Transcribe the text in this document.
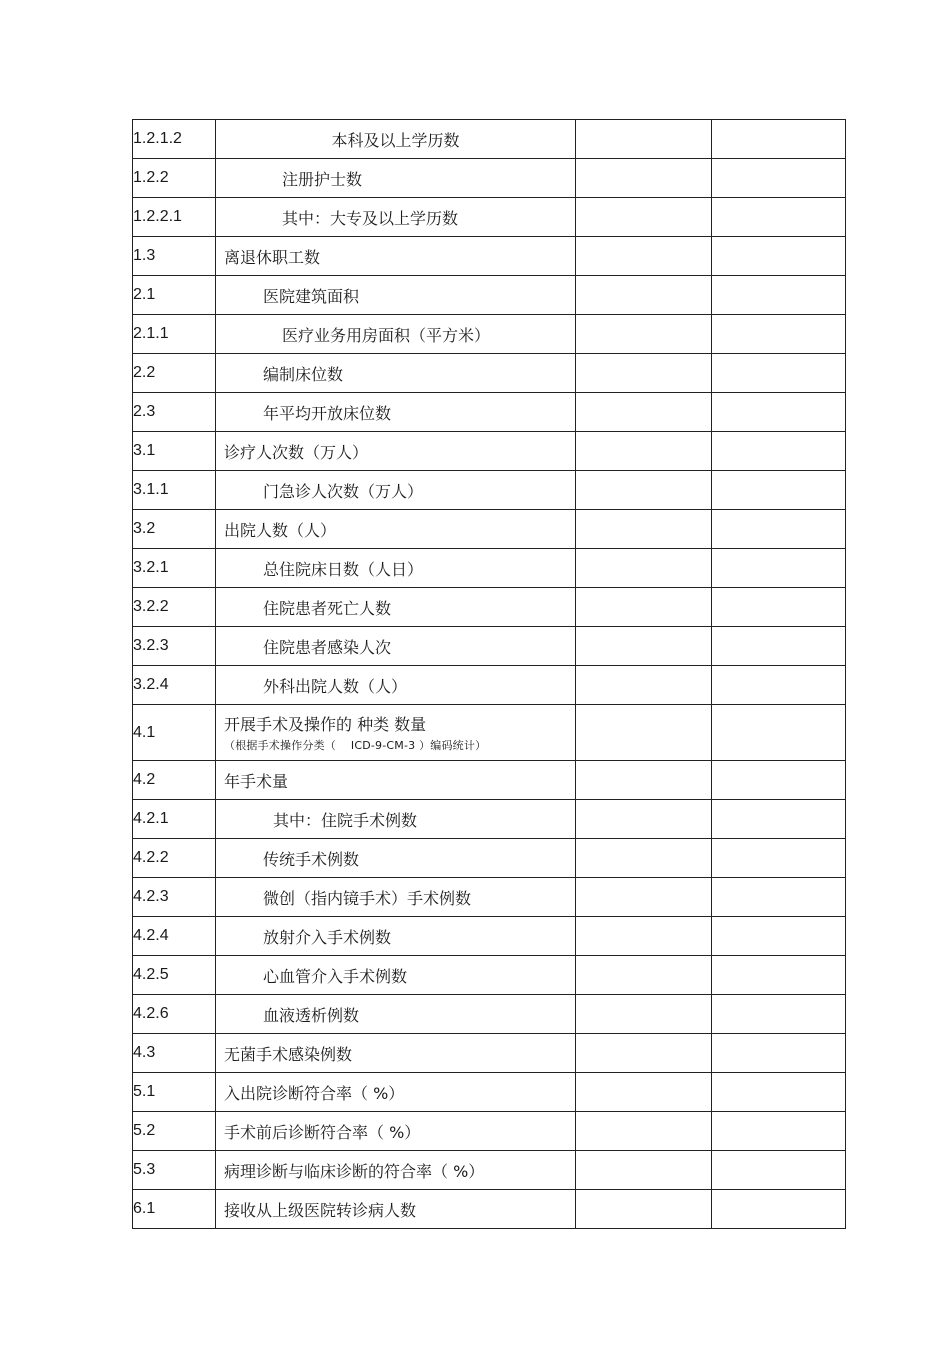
1.2.1.2	本科及以上学历数		
1.2.2	注册护士数		
1.2.2.1	其中：大专及以上学历数		
1.3	离退休职工数		
2.1	医院建筑面积		
2.1.1	医疗业务用房面积（平方米）		
2.2	编制床位数		
2.3	年平均开放床位数		
3.1	诊疗人次数（万人）		
3.1.1	门急诊人次数（万人）		
3.2	出院人数（人）		
3.2.1	总住院床日数（人日）		
3.2.2	住院患者死亡人数		
3.2.3	住院患者感染人次		
3.2.4	外科出院人数（人）		
4.1	开展手术及操作的 种类 数量
（根据手术操作分类（　 ICD-9-CM-3 ）编码统计）		

4.2	年手术量		
4.2.1	其中：住院手术例数		
4.2.2	传统手术例数		
4.2.3	微创（指内镜手术）手术例数		
4.2.4	放射介入手术例数		
4.2.5	心血管介入手术例数		
4.2.6	血液透析例数		
4.3	无菌手术感染例数		
5.1	入出院诊断符合率（ %）		
5.2	手术前后诊断符合率（ %）		
5.3	病理诊断与临床诊断的符合率（ %）		
6.1	接收从上级医院转诊病人数		
